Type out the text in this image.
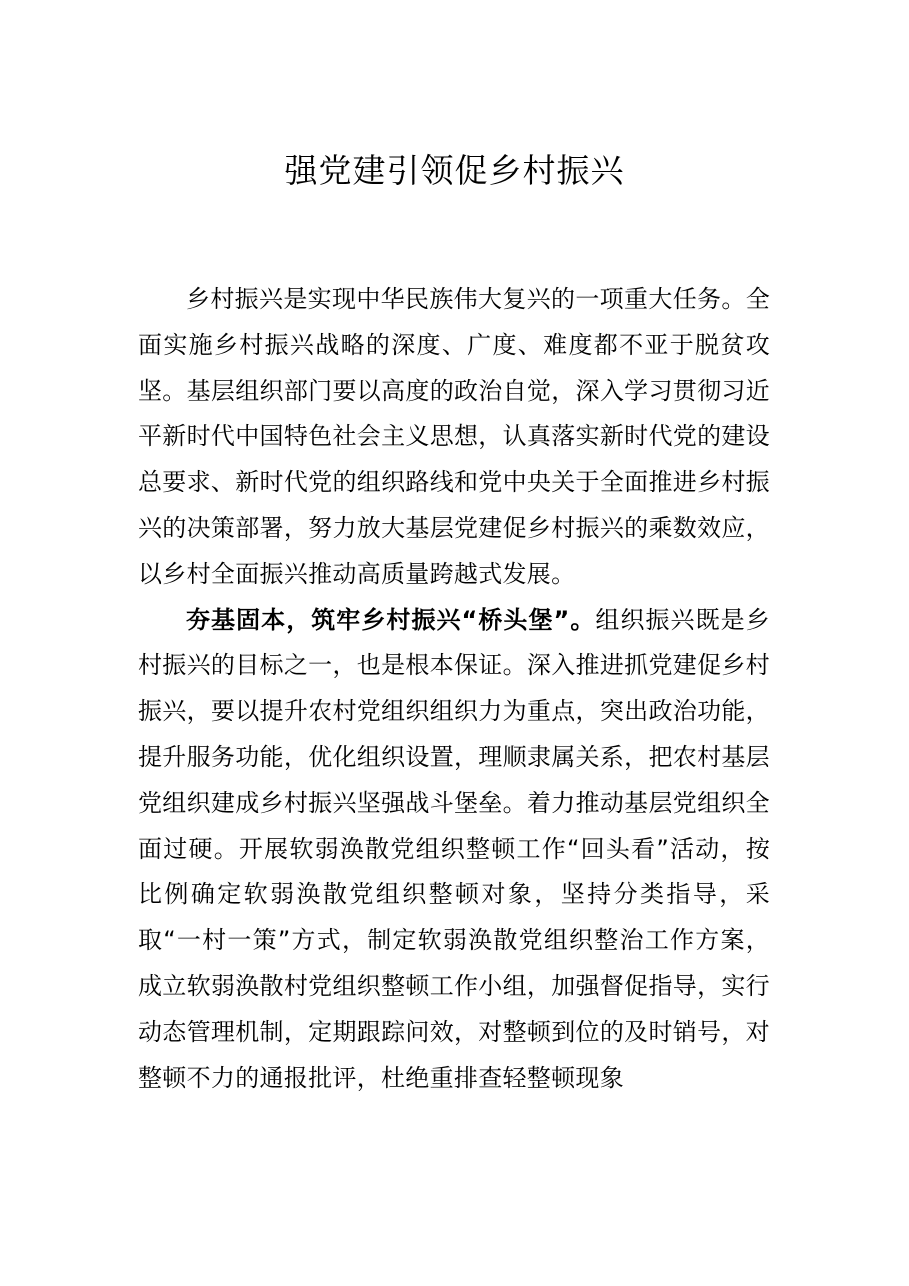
强党建引领促乡村振兴

乡村振兴是实现中华民族伟大复兴的一项重大任务。全面实施乡村振兴战略的深度、广度、难度都不亚于脱贫攻坚。基层组织部门要以高度的政治自觉，深入学习贯彻习近平新时代中国特色社会主义思想，认真落实新时代党的建设总要求、新时代党的组织路线和党中央关于全面推进乡村振兴的决策部署，努力放大基层党建促乡村振兴的乘数效应，以乡村全面振兴推动高质量跨越式发展。

夯基固本，筑牢乡村振兴“桥头堡”。组织振兴既是乡村振兴的目标之一，也是根本保证。深入推进抓党建促乡村振兴，要以提升农村党组织组织力为重点，突出政治功能，提升服务功能，优化组织设置，理顺隶属关系，把农村基层党组织建成乡村振兴坚强战斗堡垒。着力推动基层党组织全面过硬。开展软弱涣散党组织整顿工作“回头看”活动，按比例确定软弱涣散党组织整顿对象，坚持分类指导，采取“一村一策”方式，制定软弱涣散党组织整治工作方案，成立软弱涣散村党组织整顿工作小组，加强督促指导，实行动态管理机制，定期跟踪问效，对整顿到位的及时销号，对整顿不力的通报批评，杜绝重排查轻整顿现象
